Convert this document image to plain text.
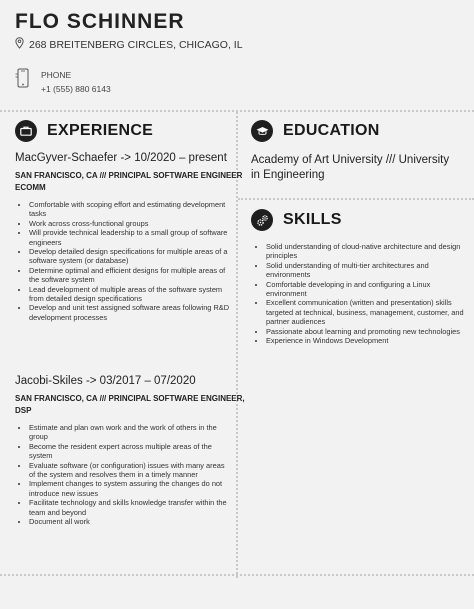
FLO SCHINNER
268 BREITENBERG CIRCLES, CHICAGO, IL
PHONE
+1 (555) 880 6143
EXPERIENCE
MacGyver-Schaefer -> 10/2020 – present
SAN FRANCISCO, CA /// PRINCIPAL SOFTWARE ENGINEER
ECOMM
• Comfortable with scoping effort and estimating development tasks
• Work across cross-functional groups
• Will provide technical leadership to a small group of software engineers
• Develop detailed design specifications for multiple areas of a software system (or database)
• Determine optimal and efficient designs for multiple areas of the software system
• Lead development of multiple areas of the software system from detailed design specifications
• Develop and unit test assigned software areas following R&D development processes
Jacobi-Skiles -> 03/2017 – 07/2020
SAN FRANCISCO, CA /// PRINCIPAL SOFTWARE ENGINEER,
DSP
• Estimate and plan own work and the work of others in the group
• Become the resident expert across multiple areas of the system
• Evaluate software (or configuration) issues with many areas of the system and resolves them in a timely manner
• Implement changes to system assuring the changes do not introduce new issues
• Facilitate technology and skills knowledge transfer within the team and beyond
• Document all work
EDUCATION
Academy of Art University /// University in Engineering
SKILLS
• Solid understanding of cloud-native architecture and design principles
• Solid understanding of multi-tier architectures and environments
• Comfortable developing in and configuring a Linux environment
• Excellent communication (written and presentation) skills targeted at technical, business, management, customer, and partner audiences
• Passionate about learning and promoting new technologies
• Experience in Windows Development
